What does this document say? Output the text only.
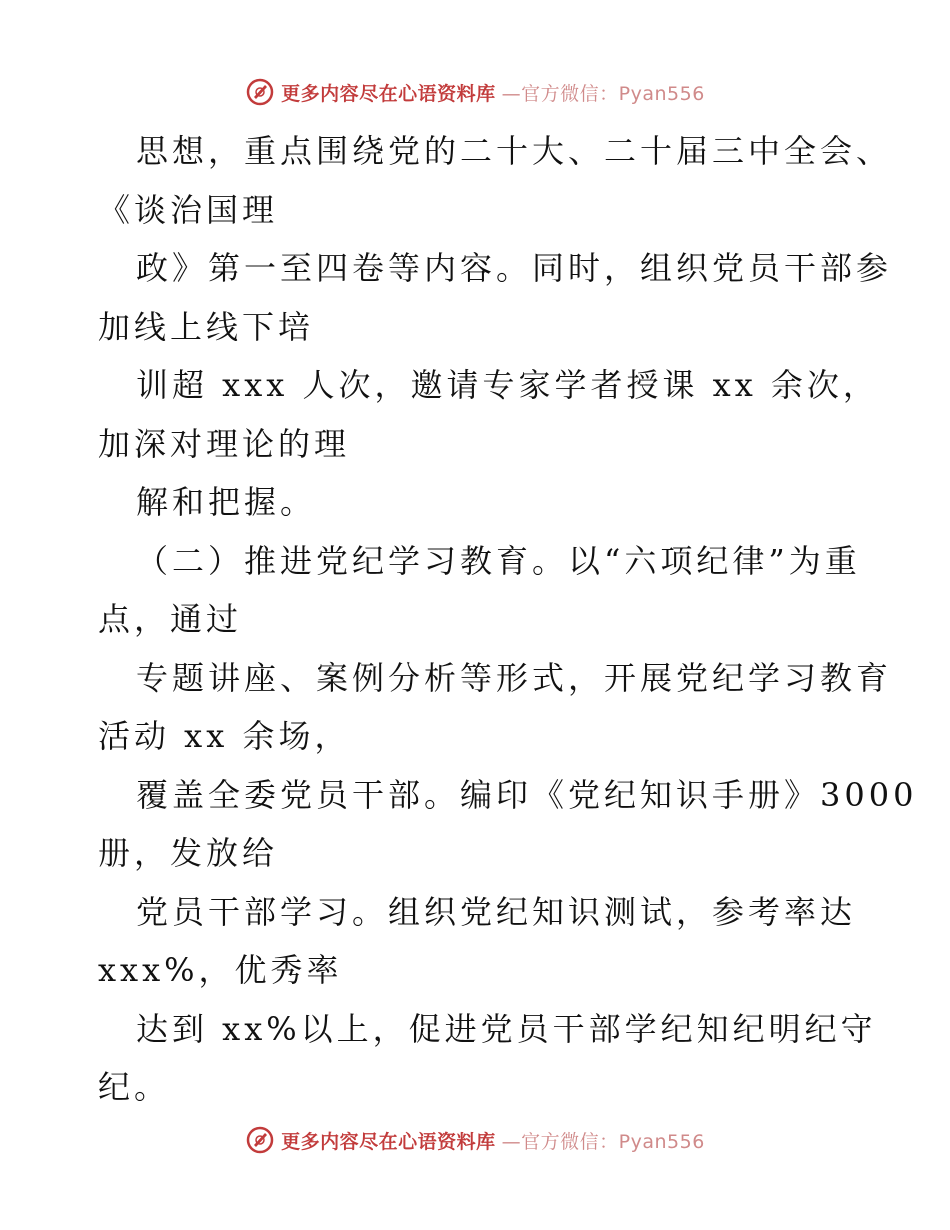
更多内容尽在心语资料库 —官方微信：Pyan556
思想，重点围绕党的二十大、二十届三中全会、
《谈治国理
政》第一至四卷等内容。同时，组织党员干部参
加线上线下培
训超 xxx 人次，邀请专家学者授课 xx 余次，
加深对理论的理
解和把握。
（二）推进党纪学习教育。以“六项纪律”为重
点，通过
专题讲座、案例分析等形式，开展党纪学习教育
活动 xx 余场，
覆盖全委党员干部。编印《党纪知识手册》3000
册，发放给
党员干部学习。组织党纪知识测试，参考率达
xxx%，优秀率
达到 xx%以上，促进党员干部学纪知纪明纪守
纪。
更多内容尽在心语资料库 —官方微信：Pyan556
